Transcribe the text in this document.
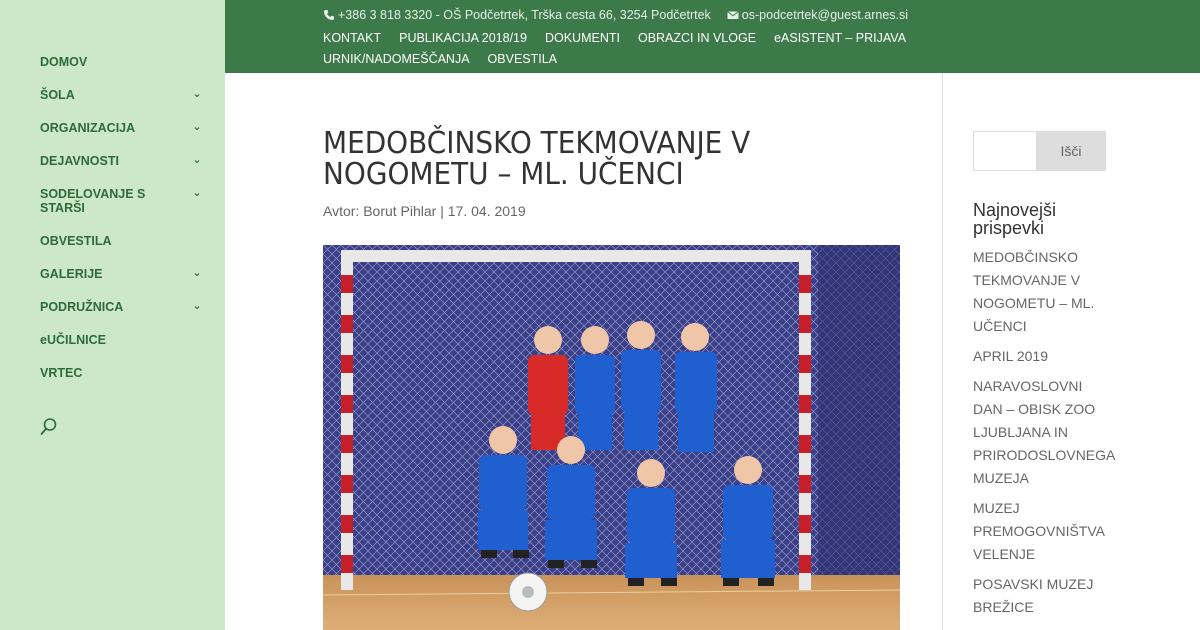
DOMOV
ŠOLA	⌄
ORGANIZACIJA	⌄
DEJAVNOSTI	⌄
SODELOVANJE S STARŠI
⌄
OBVESTILA
GALERIJE	⌄
PODRUŽNICA	⌄
eUČILNICE
VRTEC
+386 3 818 3320 - OŠ Podčetrtek, Trška cesta 66, 3254 Podčetrtek os-podcetrtek@guest.arnes.si
KONTAKT PUBLIKACIJA 2018/19 DOKUMENTI OBRAZCI IN VLOGE eASISTENT – PRIJAVA
URNIK/NADOMEŠČANJA OBVESTILA
MEDOBČINSKO TEKMOVANJE V NOGOMETU – ML. UČENCI
Avtor: Borut Pihlar | 17. 04. 2019
Išči
Najnovejši prispevki
MEDOBČINSKO TEKMOVANJE V NOGOMETU – ML. UČENCI
APRIL 2019
NARAVOSLOVNI DAN – OBISK ZOO LJUBLJANA IN PRIRODOSLOVNEGA MUZEJA
MUZEJ PREMOGOVNIŠTVA VELENJE
POSAVSKI MUZEJ BREŽICE
